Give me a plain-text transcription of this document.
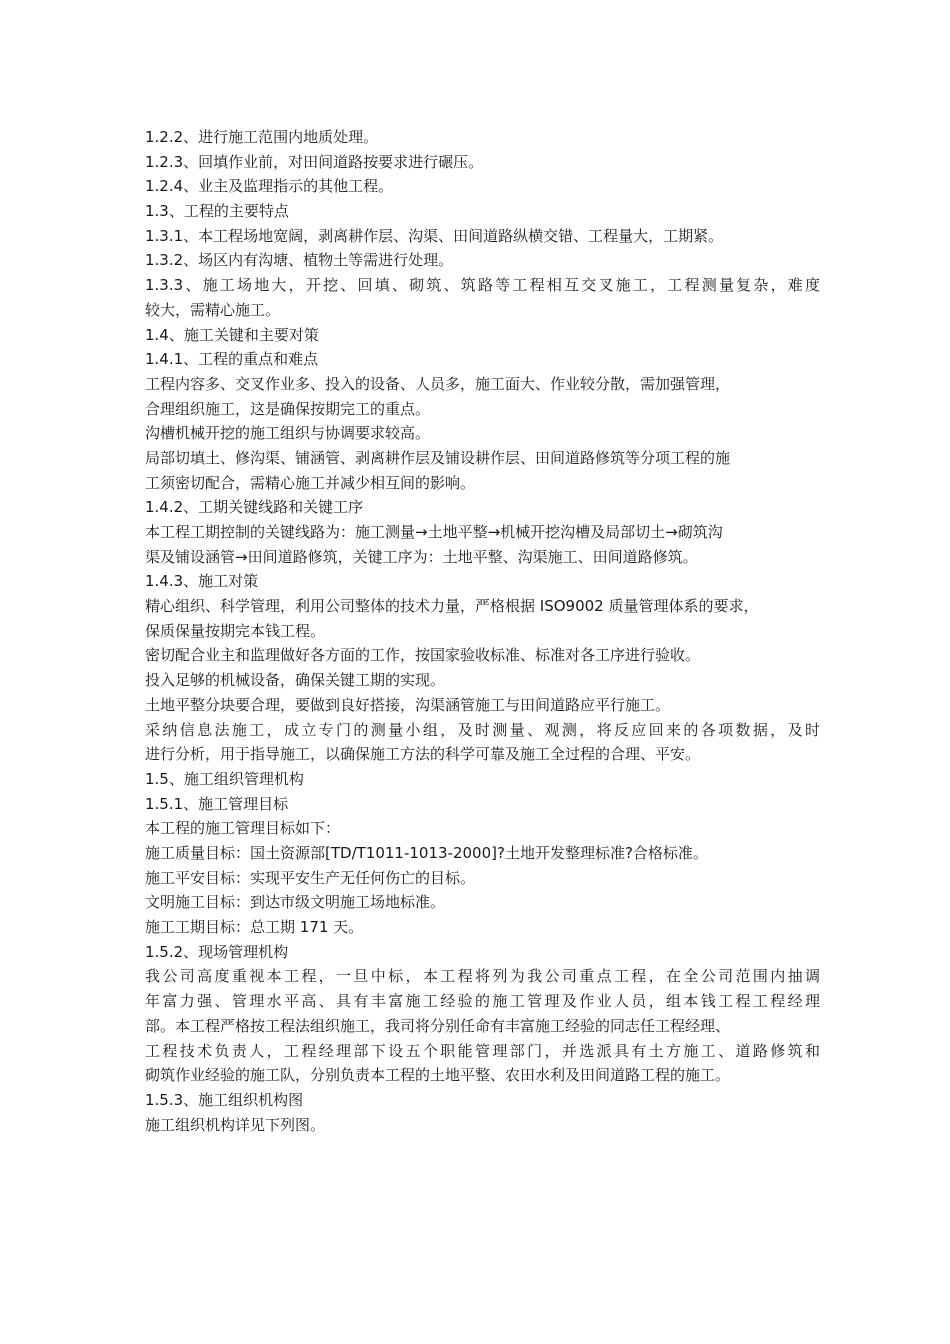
1.2.2、进行施工范围内地质处理。
1.2.3、回填作业前，对田间道路按要求进行碾压。
1.2.4、业主及监理指示的其他工程。
1.3、工程的主要特点
1.3.1、本工程场地宽阔，剥离耕作层、沟渠、田间道路纵横交错、工程量大，工期紧。
1.3.2、场区内有沟塘、植物土等需进行处理。
1.3.3、施工场地大，开挖、回填、砌筑、筑路等工程相互交叉施工，工程测量复杂，难度
较大，需精心施工。
1.4、施工关键和主要对策
1.4.1、工程的重点和难点
工程内容多、交叉作业多、投入的设备、人员多，施工面大、作业较分散，需加强管理，
合理组织施工，这是确保按期完工的重点。
沟槽机械开挖的施工组织与协调要求较高。
局部切填土、修沟渠、铺涵管、剥离耕作层及铺设耕作层、田间道路修筑等分项工程的施
工须密切配合，需精心施工并减少相互间的影响。
1.4.2、工期关键线路和关键工序
本工程工期控制的关键线路为：施工测量→土地平整→机械开挖沟槽及局部切土→砌筑沟
渠及铺设涵管→田间道路修筑，关键工序为：土地平整、沟渠施工、田间道路修筑。
1.4.3、施工对策
精心组织、科学管理，利用公司整体的技术力量，严格根据 ISO9002 质量管理体系的要求，
保质保量按期完本钱工程。
密切配合业主和监理做好各方面的工作，按国家验收标准、标准对各工序进行验收。
投入足够的机械设备，确保关键工期的实现。
土地平整分块要合理，要做到良好搭接，沟渠涵管施工与田间道路应平行施工。
采纳信息法施工，成立专门的测量小组，及时测量、观测，将反应回来的各项数据，及时
进行分析，用于指导施工，以确保施工方法的科学可靠及施工全过程的合理、平安。
1.5、施工组织管理机构
1.5.1、施工管理目标
本工程的施工管理目标如下：
施工质量目标：国土资源部[TD/T1011-1013-2000]?土地开发整理标准?合格标准。
施工平安目标：实现平安生产无任何伤亡的目标。
文明施工目标：到达市级文明施工场地标准。
施工工期目标：总工期 171 天。
1.5.2、现场管理机构
我公司高度重视本工程，一旦中标，本工程将列为我公司重点工程，在全公司范围内抽调
年富力强、管理水平高、具有丰富施工经验的施工管理及作业人员，组本钱工程工程经理
部。本工程严格按工程法组织施工，我司将分别任命有丰富施工经验的同志任工程经理、
工程技术负责人，工程经理部下设五个职能管理部门，并选派具有土方施工、道路修筑和
砌筑作业经验的施工队，分别负责本工程的土地平整、农田水利及田间道路工程的施工。
1.5.3、施工组织机构图
施工组织机构详见下列图。
